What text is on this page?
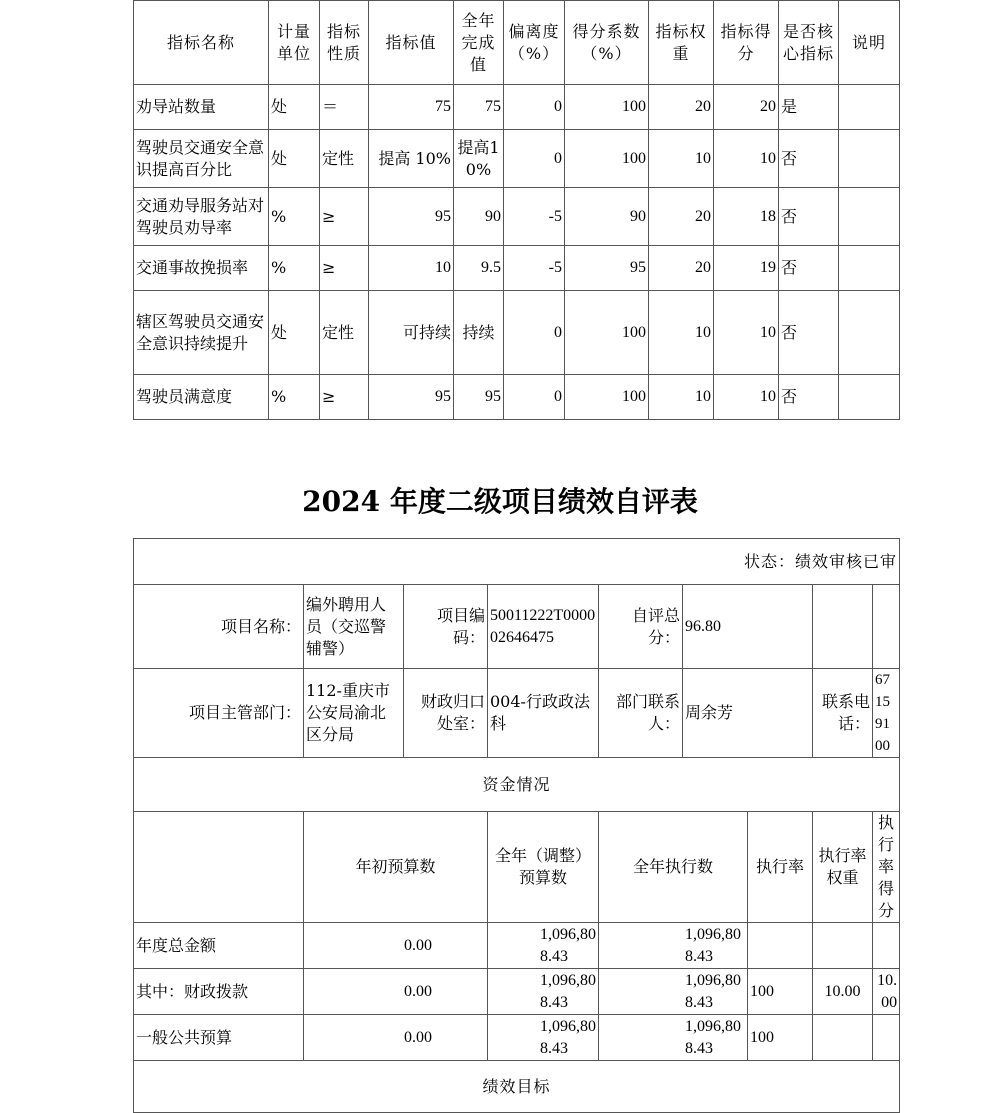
指标名称	计量单位	指标性质	指标值	全年完成值	偏离度（%）	得分系数（%）	指标权重	指标得分	是否核心指标	说明
劝导站数量	处	＝	75	75	0	100	20	20	是	
驾驶员交通安全意识提高百分比	处	定性	提高 10%	提高10%	0	100	10	10	否	
交通劝导服务站对驾驶员劝导率	%	≥	95	90	-5	90	20	18	否	
交通事故挽损率	%	≥	10	9.5	-5	95	20	19	否	
辖区驾驶员交通安全意识持续提升	处	定性	可持续	持续	0	100	10	10	否	
驾驶员满意度	%	≥	95	95	0	100	10	10	否	
2024 年度二级项目绩效自评表
状态：绩效审核已审								
项目名称：	编外聘用人员（交巡警辅警）	项目编码：	50011222T000002646475	自评总分：	96.80			
项目主管部门：	112-重庆市公安局渝北区分局	财政归口处室：	004-行政政法科	部门联系人：	周余芳		联系电话：	67159100
资金情况								
	年初预算数		全年（调整）预算数	全年执行数		执行率	执行率权重	执行率得分
年度总金额	0.00		1,096,808.43	1,096,808.43				
其中：财政拨款	0.00		1,096,808.43	1,096,808.43		100	10.00	10.00
一般公共预算	0.00		1,096,808.43	1,096,808.43		100		
绩效目标								
